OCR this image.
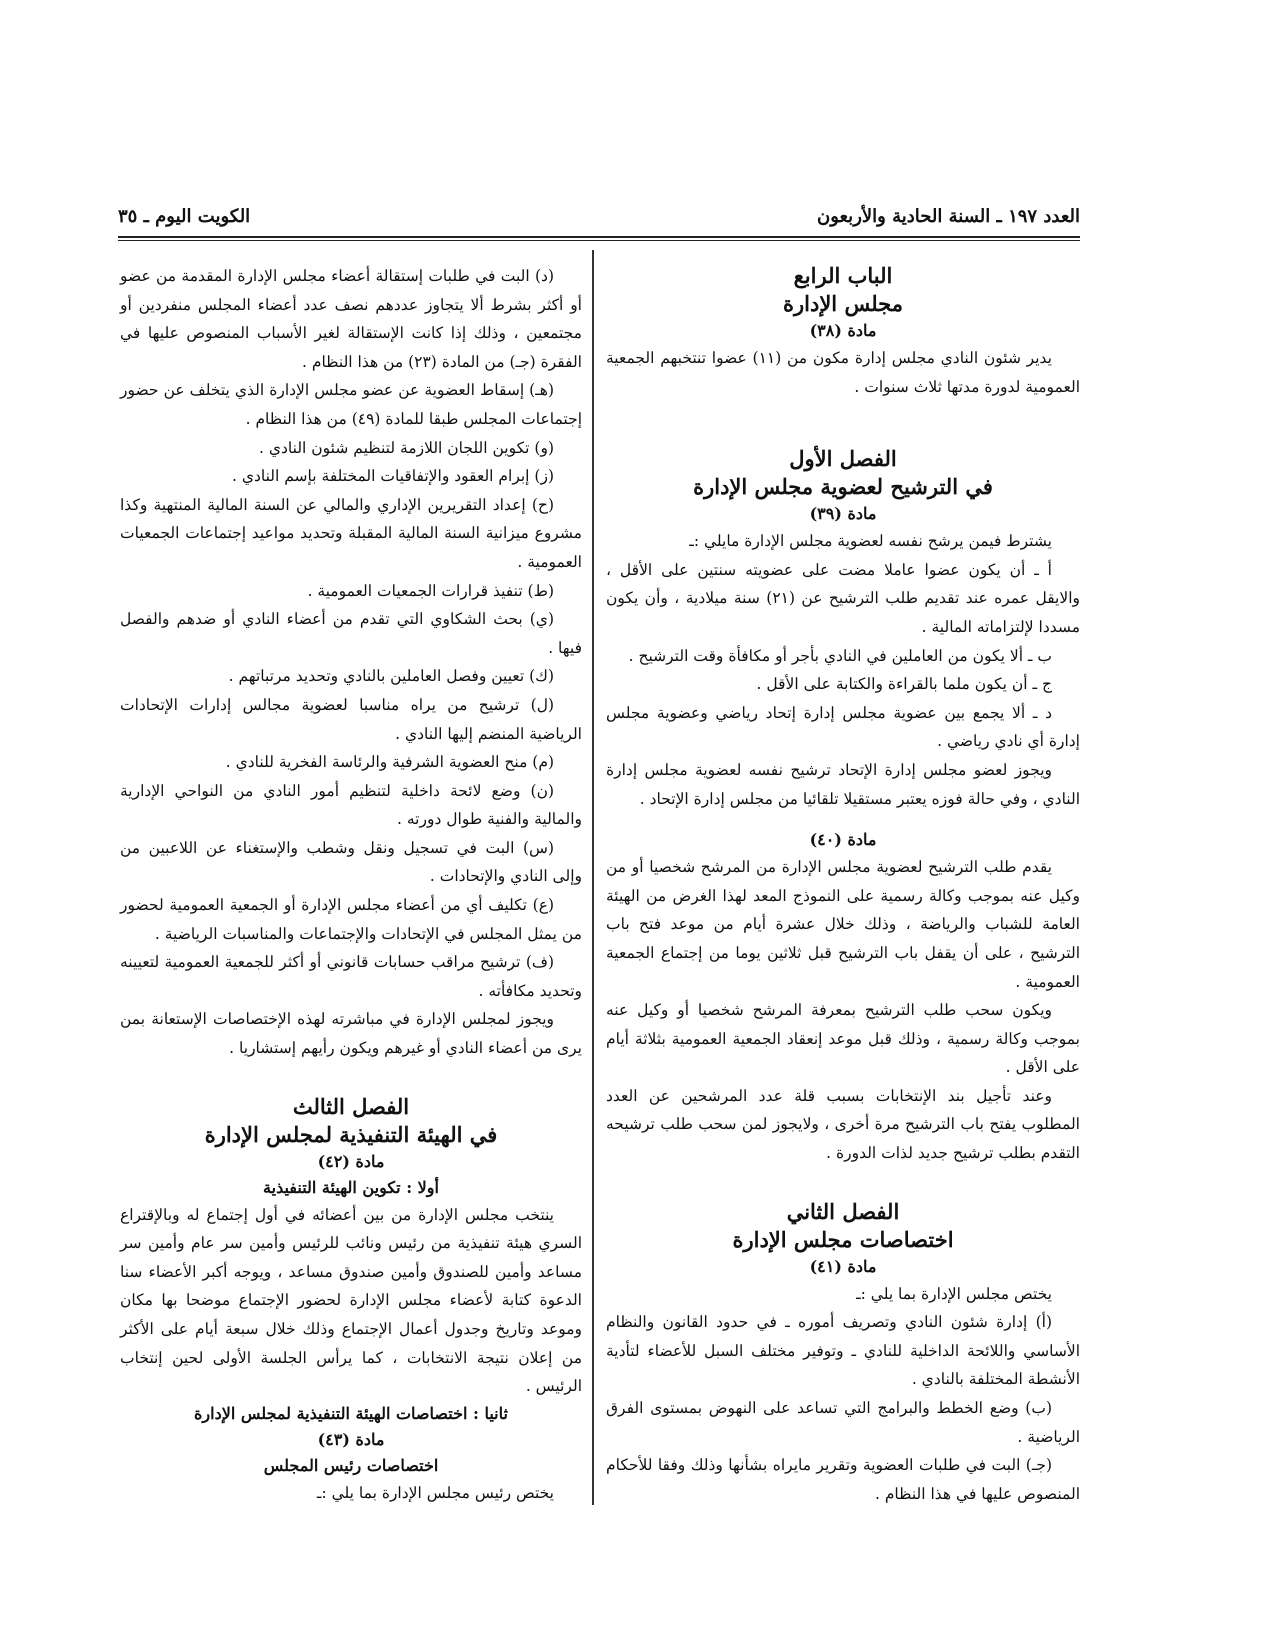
العدد ١٩٧ ـ السنة الحادية والأربعون
الكويت اليوم ـ ٣٥

الباب الرابع

مجلس الإدارة

مادة (٣٨)

يدير شئون النادي مجلس إدارة مكون من (١١) عضوا تنتخبهم الجمعية العمومية لدورة مدتها ثلاث سنوات .

الفصل الأول

في الترشيح لعضوية مجلس الإدارة

مادة (٣٩)

يشترط فيمن يرشح نفسه لعضوية مجلس الإدارة مايلي :ـ

أ ـ أن يكون عضوا عاملا مضت على عضويته سنتين على الأقل ، والايقل عمره عند تقديم طلب الترشيح عن (٢١) سنة ميلادية ، وأن يكون مسددا لإلتزاماته المالية .

ب ـ ألا يكون من العاملين في النادي بأجر أو مكافأة وقت الترشيح .

ج ـ أن يكون ملما بالقراءة والكتابة على الأقل .

د ـ ألا يجمع بين عضوية مجلس إدارة إتحاد رياضي وعضوية مجلس إدارة أي نادي رياضي .

ويجوز لعضو مجلس إدارة الإتحاد ترشيح نفسه لعضوية مجلس إدارة النادي ، وفي حالة فوزه يعتبر مستقيلا تلقائيا من مجلس إدارة الإتحاد .

مادة (٤٠)

يقدم طلب الترشيح لعضوية مجلس الإدارة من المرشح شخصيا أو من وكيل عنه بموجب وكالة رسمية على النموذج المعد لهذا الغرض من الهيئة العامة للشباب والرياضة ، وذلك خلال عشرة أيام من موعد فتح باب الترشيح ، على أن يقفل باب الترشيح قبل ثلاثين يوما من إجتماع الجمعية العمومية .

ويكون سحب طلب الترشيح بمعرفة المرشح شخصيا أو وكيل عنه بموجب وكالة رسمية ، وذلك قبل موعد إنعقاد الجمعية العمومية بثلاثة أيام على الأقل .

وعند تأجيل بند الإنتخابات بسبب قلة عدد المرشحين عن العدد المطلوب يفتح باب الترشيح مرة أخرى ، ولايجوز لمن سحب طلب ترشيحه التقدم بطلب ترشيح جديد لذات الدورة .

الفصل الثاني

اختصاصات مجلس الإدارة

مادة (٤١)

يختص مجلس الإدارة بما يلي :ـ

(أ) إدارة شئون النادي وتصريف أموره ـ في حدود القانون والنظام الأساسي واللائحة الداخلية للنادي ـ وتوفير مختلف السبل للأعضاء لتأدية الأنشطة المختلفة بالنادي .

(ب) وضع الخطط والبرامج التي تساعد على النهوض بمستوى الفرق الرياضية .

(جـ) البت في طلبات العضوية وتقرير مايراه بشأنها وذلك وفقا للأحكام المنصوص عليها في هذا النظام .

(د) البت في طلبات إستقالة أعضاء مجلس الإدارة المقدمة من عضو أو أكثر بشرط ألا يتجاوز عددهم نصف عدد أعضاء المجلس منفردين أو مجتمعين ، وذلك إذا كانت الإستقالة لغير الأسباب المنصوص عليها في الفقرة (جـ) من المادة (٢٣) من هذا النظام .

(هـ) إسقاط العضوية عن عضو مجلس الإدارة الذي يتخلف عن حضور إجتماعات المجلس طبقا للمادة (٤٩) من هذا النظام .

(و) تكوين اللجان اللازمة لتنظيم شئون النادي .

(ز) إبرام العقود والإتفاقيات المختلفة بإسم النادي .

(ح) إعداد التقريرين الإداري والمالي عن السنة المالية المنتهية وكذا مشروع ميزانية السنة المالية المقبلة وتحديد مواعيد إجتماعات الجمعيات العمومية .

(ط) تنفيذ قرارات الجمعيات العمومية .

(ي) بحث الشكاوي التي تقدم من أعضاء النادي أو ضدهم والفصل فيها .

(ك) تعيين وفصل العاملين بالنادي وتحديد مرتباتهم .

(ل) ترشيح من يراه مناسبا لعضوية مجالس إدارات الإتحادات الرياضية المنضم إليها النادي .

(م) منح العضوية الشرفية والرئاسة الفخرية للنادي .

(ن) وضع لائحة داخلية لتنظيم أمور النادي من النواحي الإدارية والمالية والفنية طوال دورته .

(س) البت في تسجيل ونقل وشطب والإستغناء عن اللاعبين من وإلى النادي والإتحادات .

(ع) تكليف أي من أعضاء مجلس الإدارة أو الجمعية العمومية لحضور من يمثل المجلس في الإتحادات والإجتماعات والمناسبات الرياضية .

(ف) ترشيح مراقب حسابات قانوني أو أكثر للجمعية العمومية لتعيينه وتحديد مكافأته .

ويجوز لمجلس الإدارة في مباشرته لهذه الإختصاصات الإستعانة بمن يرى من أعضاء النادي أو غيرهم ويكون رأيهم إستشاريا .

الفصل الثالث

في الهيئة التنفيذية لمجلس الإدارة

مادة (٤٢)

أولا : تكوين الهيئة التنفيذية

ينتخب مجلس الإدارة من بين أعضائه في أول إجتماع له وبالإقتراع السري هيئة تنفيذية من رئيس ونائب للرئيس وأمين سر عام وأمين سر مساعد وأمين للصندوق وأمين صندوق مساعد ، ويوجه أكبر الأعضاء سنا الدعوة كتابة لأعضاء مجلس الإدارة لحضور الإجتماع موضحا بها مكان وموعد وتاريخ وجدول أعمال الإجتماع وذلك خلال سبعة أيام على الأكثر من إعلان نتيجة الانتخابات ، كما يرأس الجلسة الأولى لحين إنتخاب الرئيس .

ثانيا : اختصاصات الهيئة التنفيذية لمجلس الإدارة

مادة (٤٣)

اختصاصات رئيس المجلس

يختص رئيس مجلس الإدارة بما يلي :ـ
